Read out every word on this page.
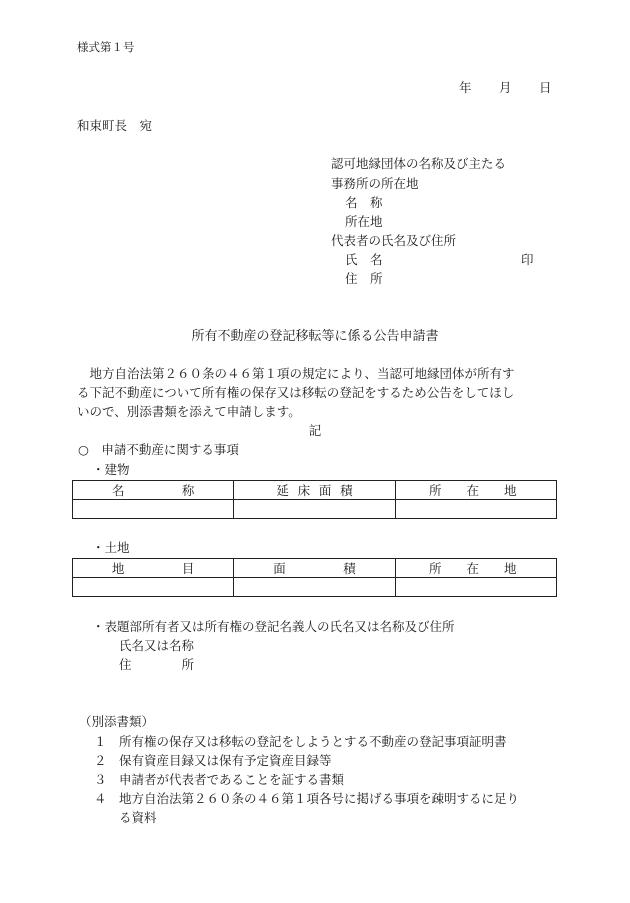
様式第１号
年 月 日
和束町長　宛
認可地縁団体の名称及び主たる
事務所の所在地
名　称
所在地
代表者の氏名及び住所
氏　名	印
住　所
所有不動産の登記移転等に係る公告申請書
　地方自治法第２６０条の４６第１項の規定により、当認可地縁団体が所有す
る下記不動産について所有権の保存又は移転の登記をするため公告をしてほし
いので、別添書類を添えて申請します。
記
○　申請不動産に関する事項
・建物
名　称	延床面積	所　在　地

・土地
地　目	面　積	所　在　地

・表題部所有者又は所有権の登記名義人の氏名又は名称及び住所
氏名又は名称
住　　　　所
（別添書類）
１ 所有権の保存又は移転の登記をしようとする不動産の登記事項証明書
２ 保有資産目録又は保有予定資産目録等
３ 申請者が代表者であることを証する書類
４ 地方自治法第２６０条の４６第１項各号に掲げる事項を疎明するに足り
る資料
